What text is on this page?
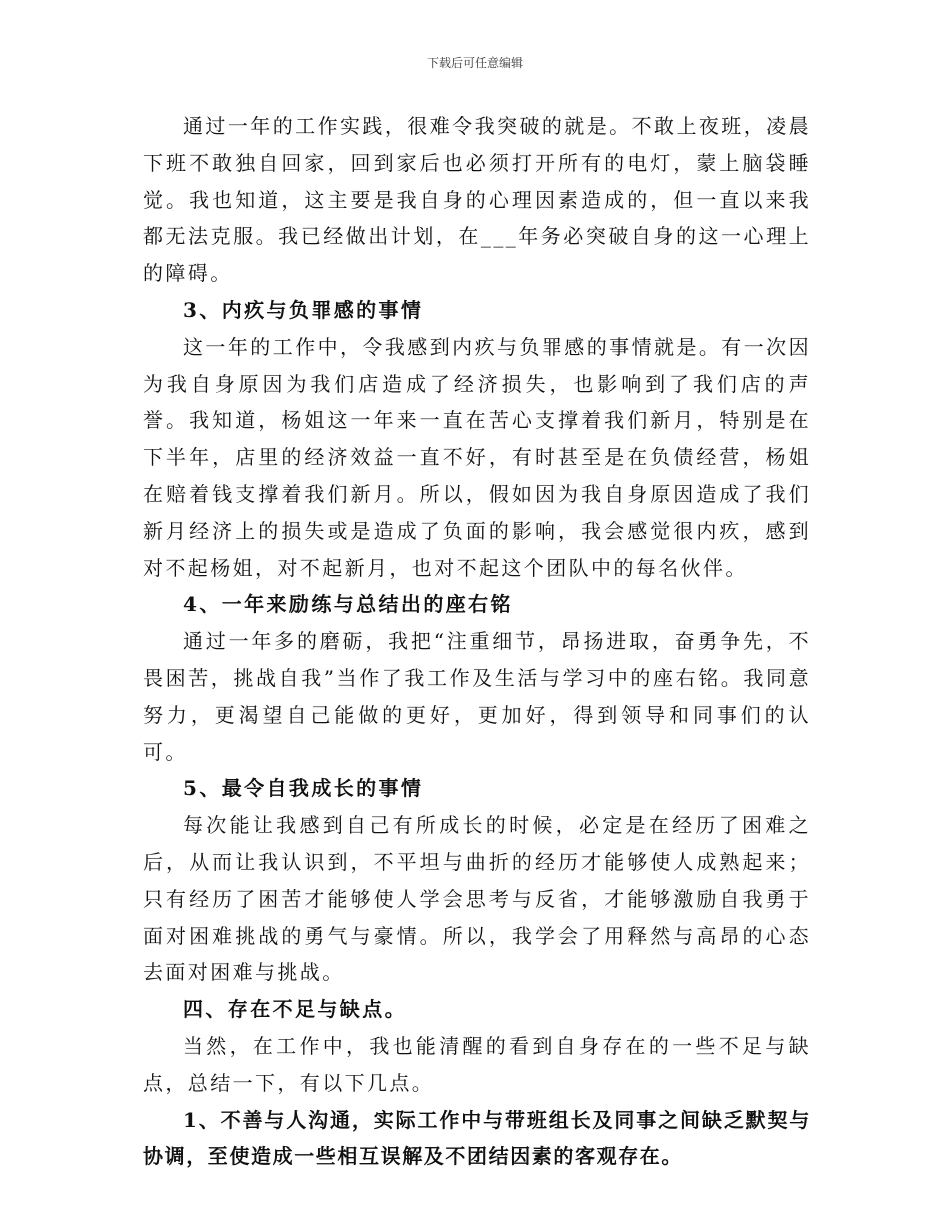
下载后可任意编辑

通过一年的工作实践，很难令我突破的就是。不敢上夜班，凌晨下班不敢独自回家，回到家后也必须打开所有的电灯，蒙上脑袋睡觉。我也知道，这主要是我自身的心理因素造成的，但一直以来我都无法克服。我已经做出计划，在___年务必突破自身的这一心理上的障碍。

3、内疚与负罪感的事情

这一年的工作中，令我感到内疚与负罪感的事情就是。有一次因为我自身原因为我们店造成了经济损失，也影响到了我们店的声誉。我知道，杨姐这一年来一直在苦心支撑着我们新月，特别是在下半年，店里的经济效益一直不好，有时甚至是在负债经营，杨姐在赔着钱支撑着我们新月。所以，假如因为我自身原因造成了我们新月经济上的损失或是造成了负面的影响，我会感觉很内疚，感到对不起杨姐，对不起新月，也对不起这个团队中的每名伙伴。

4、一年来励练与总结出的座右铭

通过一年多的磨砺，我把“注重细节，昂扬进取，奋勇争先，不畏困苦，挑战自我”当作了我工作及生活与学习中的座右铭。我同意努力，更渴望自己能做的更好，更加好，得到领导和同事们的认可。

5、最令自我成长的事情

每次能让我感到自己有所成长的时候，必定是在经历了困难之后，从而让我认识到，不平坦与曲折的经历才能够使人成熟起来；只有经历了困苦才能够使人学会思考与反省，才能够激励自我勇于面对困难挑战的勇气与豪情。所以，我学会了用释然与高昂的心态去面对困难与挑战。

四、存在不足与缺点。

当然，在工作中，我也能清醒的看到自身存在的一些不足与缺点，总结一下，有以下几点。

1、不善与人沟通，实际工作中与带班组长及同事之间缺乏默契与协调，至使造成一些相互误解及不团结因素的客观存在。
